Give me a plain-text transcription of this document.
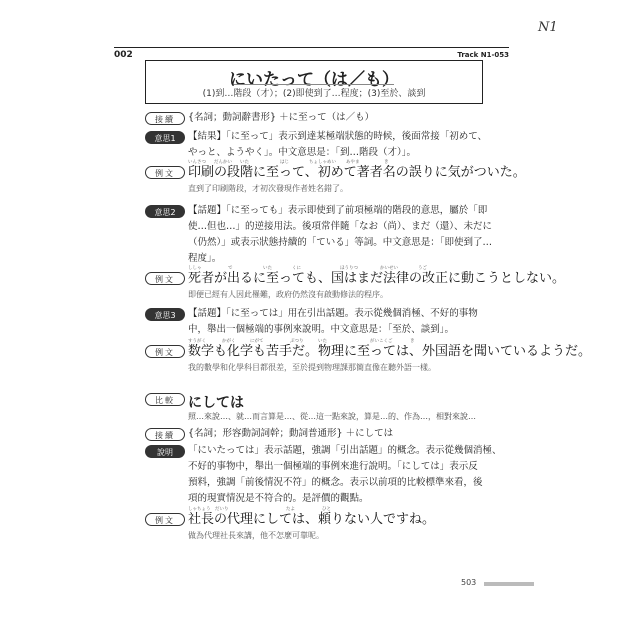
N1
002	Track N1-053
にいたって（は／も）
(1)到…階段（才）；(2)即使到了…程度；(3)至於、談到
接續	{名詞；動詞辭書形} ＋に至って（は／も）
意思1	【結果】「に至って」表示到達某極端狀態的時候，後面常接「初めて、
やっと、ようやく」。中文意思是：「到…階段（才）」。
例文
いんさつ だんかい いた	はじ	ちょしゃめい あやま	き
印刷の段階に至って、初めて著者名の誤りに気がついた。
直到了印刷階段，才初次發現作者姓名錯了。
意思2	【話題】「に至っても」表示即使到了前項極端的階段的意思，屬於「即
使…但也…」的逆接用法。後項常伴隨「なお（尚）、まだ（還）、未だに
（仍然）」或表示狀態持續的「ている」等詞。中文意思是：「即使到了…
程度」。
例文
ししゃ	で	いた	くに	ほうりつ	かいせい	うご
死者が出るに至っても、国はまだ法律の改正に動こうとしない。
即便已經有人因此罹難，政府仍然沒有啟動修法的程序。
意思3	【話題】「に至っては」用在引出話題。表示從幾個消極、不好的事物
中，舉出一個極端的事例來說明。中文意思是：「至於、談到」。
例文
すうがく	かがく	にがて	ぶつり	いた	がいこくご	き
数学も化学も苦手だ。物理に至っては、外国語を聞いているようだ。
我的數學和化學科目都很差，至於提到物理課那簡直像在聽外語一樣。
比較 にしては
照…來說…、就…而言算是…、從…這一點來說，算是…的、作為…，相對來說…
接續	{名詞；形容動詞詞幹；動詞普通形} ＋にしては
說明	「にいたっては」表示話題，強調「引出話題」的概念。表示從幾個消極、
不好的事物中，舉出一個極端的事例來進行說明。「にしては」表示反
預料，強調「前後情況不符」的概念。表示以前項的比較標準來看，後
項的現實情況是不符合的。是評價的觀點。
例文
しゃちょう だいり	たよ	ひと
社長の代理にしては、頼りない人ですね。
做為代理社長來講，他不怎麼可靠呢。
503
